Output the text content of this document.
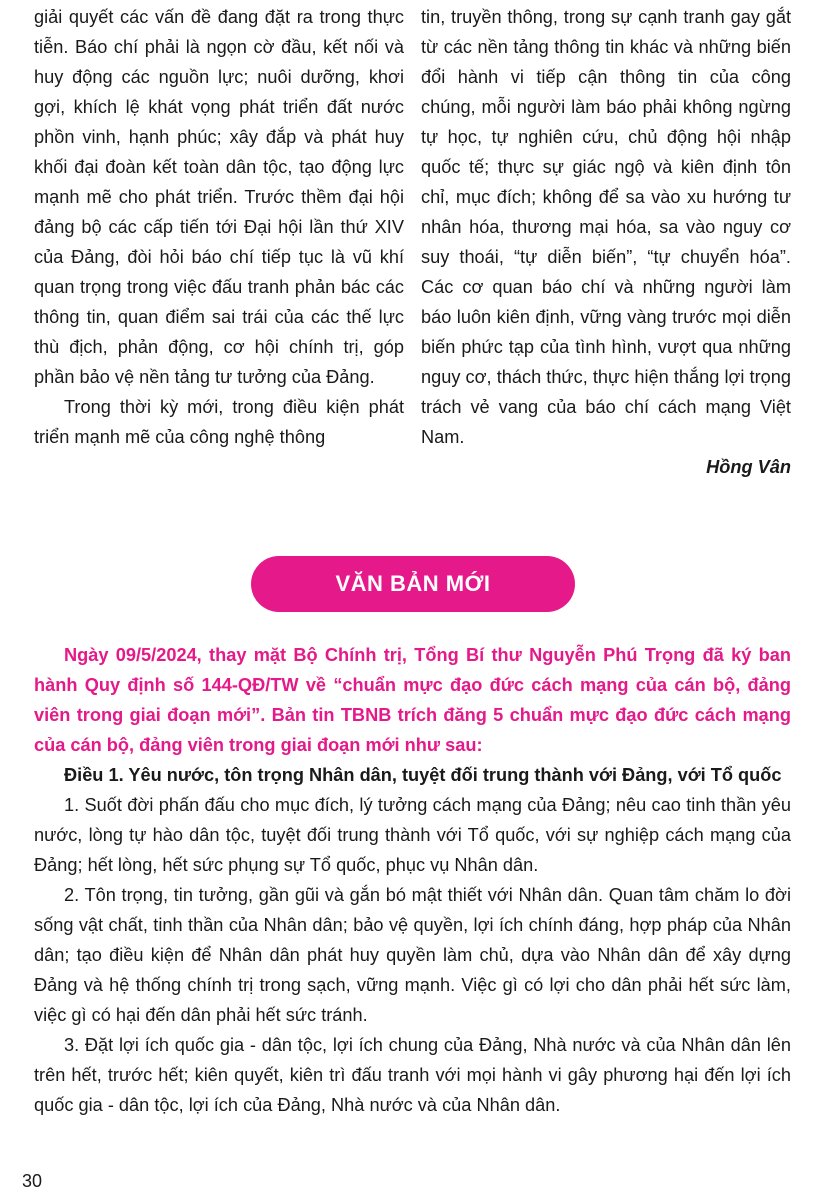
giải quyết các vấn đề đang đặt ra trong thực tiễn. Báo chí phải là ngọn cờ đầu, kết nối và huy động các nguồn lực; nuôi dưỡng, khơi gợi, khích lệ khát vọng phát triển đất nước phồn vinh, hạnh phúc; xây đắp và phát huy khối đại đoàn kết toàn dân tộc, tạo động lực mạnh mẽ cho phát triển. Trước thềm đại hội đảng bộ các cấp tiến tới Đại hội lần thứ XIV của Đảng, đòi hỏi báo chí tiếp tục là vũ khí quan trọng trong việc đấu tranh phản bác các thông tin, quan điểm sai trái của các thế lực thù địch, phản động, cơ hội chính trị, góp phần bảo vệ nền tảng tư tưởng của Đảng.

Trong thời kỳ mới, trong điều kiện phát triển mạnh mẽ của công nghệ thông

tin, truyền thông, trong sự cạnh tranh gay gắt từ các nền tảng thông tin khác và những biến đổi hành vi tiếp cận thông tin của công chúng, mỗi người làm báo phải không ngừng tự học, tự nghiên cứu, chủ động hội nhập quốc tế; thực sự giác ngộ và kiên định tôn chỉ, mục đích; không để sa vào xu hướng tư nhân hóa, thương mại hóa, sa vào nguy cơ suy thoái, “tự diễn biến”, “tự chuyển hóa”. Các cơ quan báo chí và những người làm báo luôn kiên định, vững vàng trước mọi diễn biến phức tạp của tình hình, vượt qua những nguy cơ, thách thức, thực hiện thắng lợi trọng trách vẻ vang của báo chí cách mạng Việt Nam.

Hồng Vân

VĂN BẢN MỚI

Ngày 09/5/2024, thay mặt Bộ Chính trị, Tổng Bí thư Nguyễn Phú Trọng đã ký ban hành Quy định số 144-QĐ/TW về “chuẩn mực đạo đức cách mạng của cán bộ, đảng viên trong giai đoạn mới”. Bản tin TBNB trích đăng 5 chuẩn mực đạo đức cách mạng của cán bộ, đảng viên trong giai đoạn mới như sau:

Điều 1. Yêu nước, tôn trọng Nhân dân, tuyệt đối trung thành với Đảng, với Tổ quốc

1. Suốt đời phấn đấu cho mục đích, lý tưởng cách mạng của Đảng; nêu cao tinh thần yêu nước, lòng tự hào dân tộc, tuyệt đối trung thành với Tổ quốc, với sự nghiệp cách mạng của Đảng; hết lòng, hết sức phụng sự Tổ quốc, phục vụ Nhân dân.

2. Tôn trọng, tin tưởng, gần gũi và gắn bó mật thiết với Nhân dân. Quan tâm chăm lo đời sống vật chất, tinh thần của Nhân dân; bảo vệ quyền, lợi ích chính đáng, hợp pháp của Nhân dân; tạo điều kiện để Nhân dân phát huy quyền làm chủ, dựa vào Nhân dân để xây dựng Đảng và hệ thống chính trị trong sạch, vững mạnh. Việc gì có lợi cho dân phải hết sức làm, việc gì có hại đến dân phải hết sức tránh.

3. Đặt lợi ích quốc gia - dân tộc, lợi ích chung của Đảng, Nhà nước và của Nhân dân lên trên hết, trước hết; kiên quyết, kiên trì đấu tranh với mọi hành vi gây phương hại đến lợi ích quốc gia - dân tộc, lợi ích của Đảng, Nhà nước và của Nhân dân.

30
